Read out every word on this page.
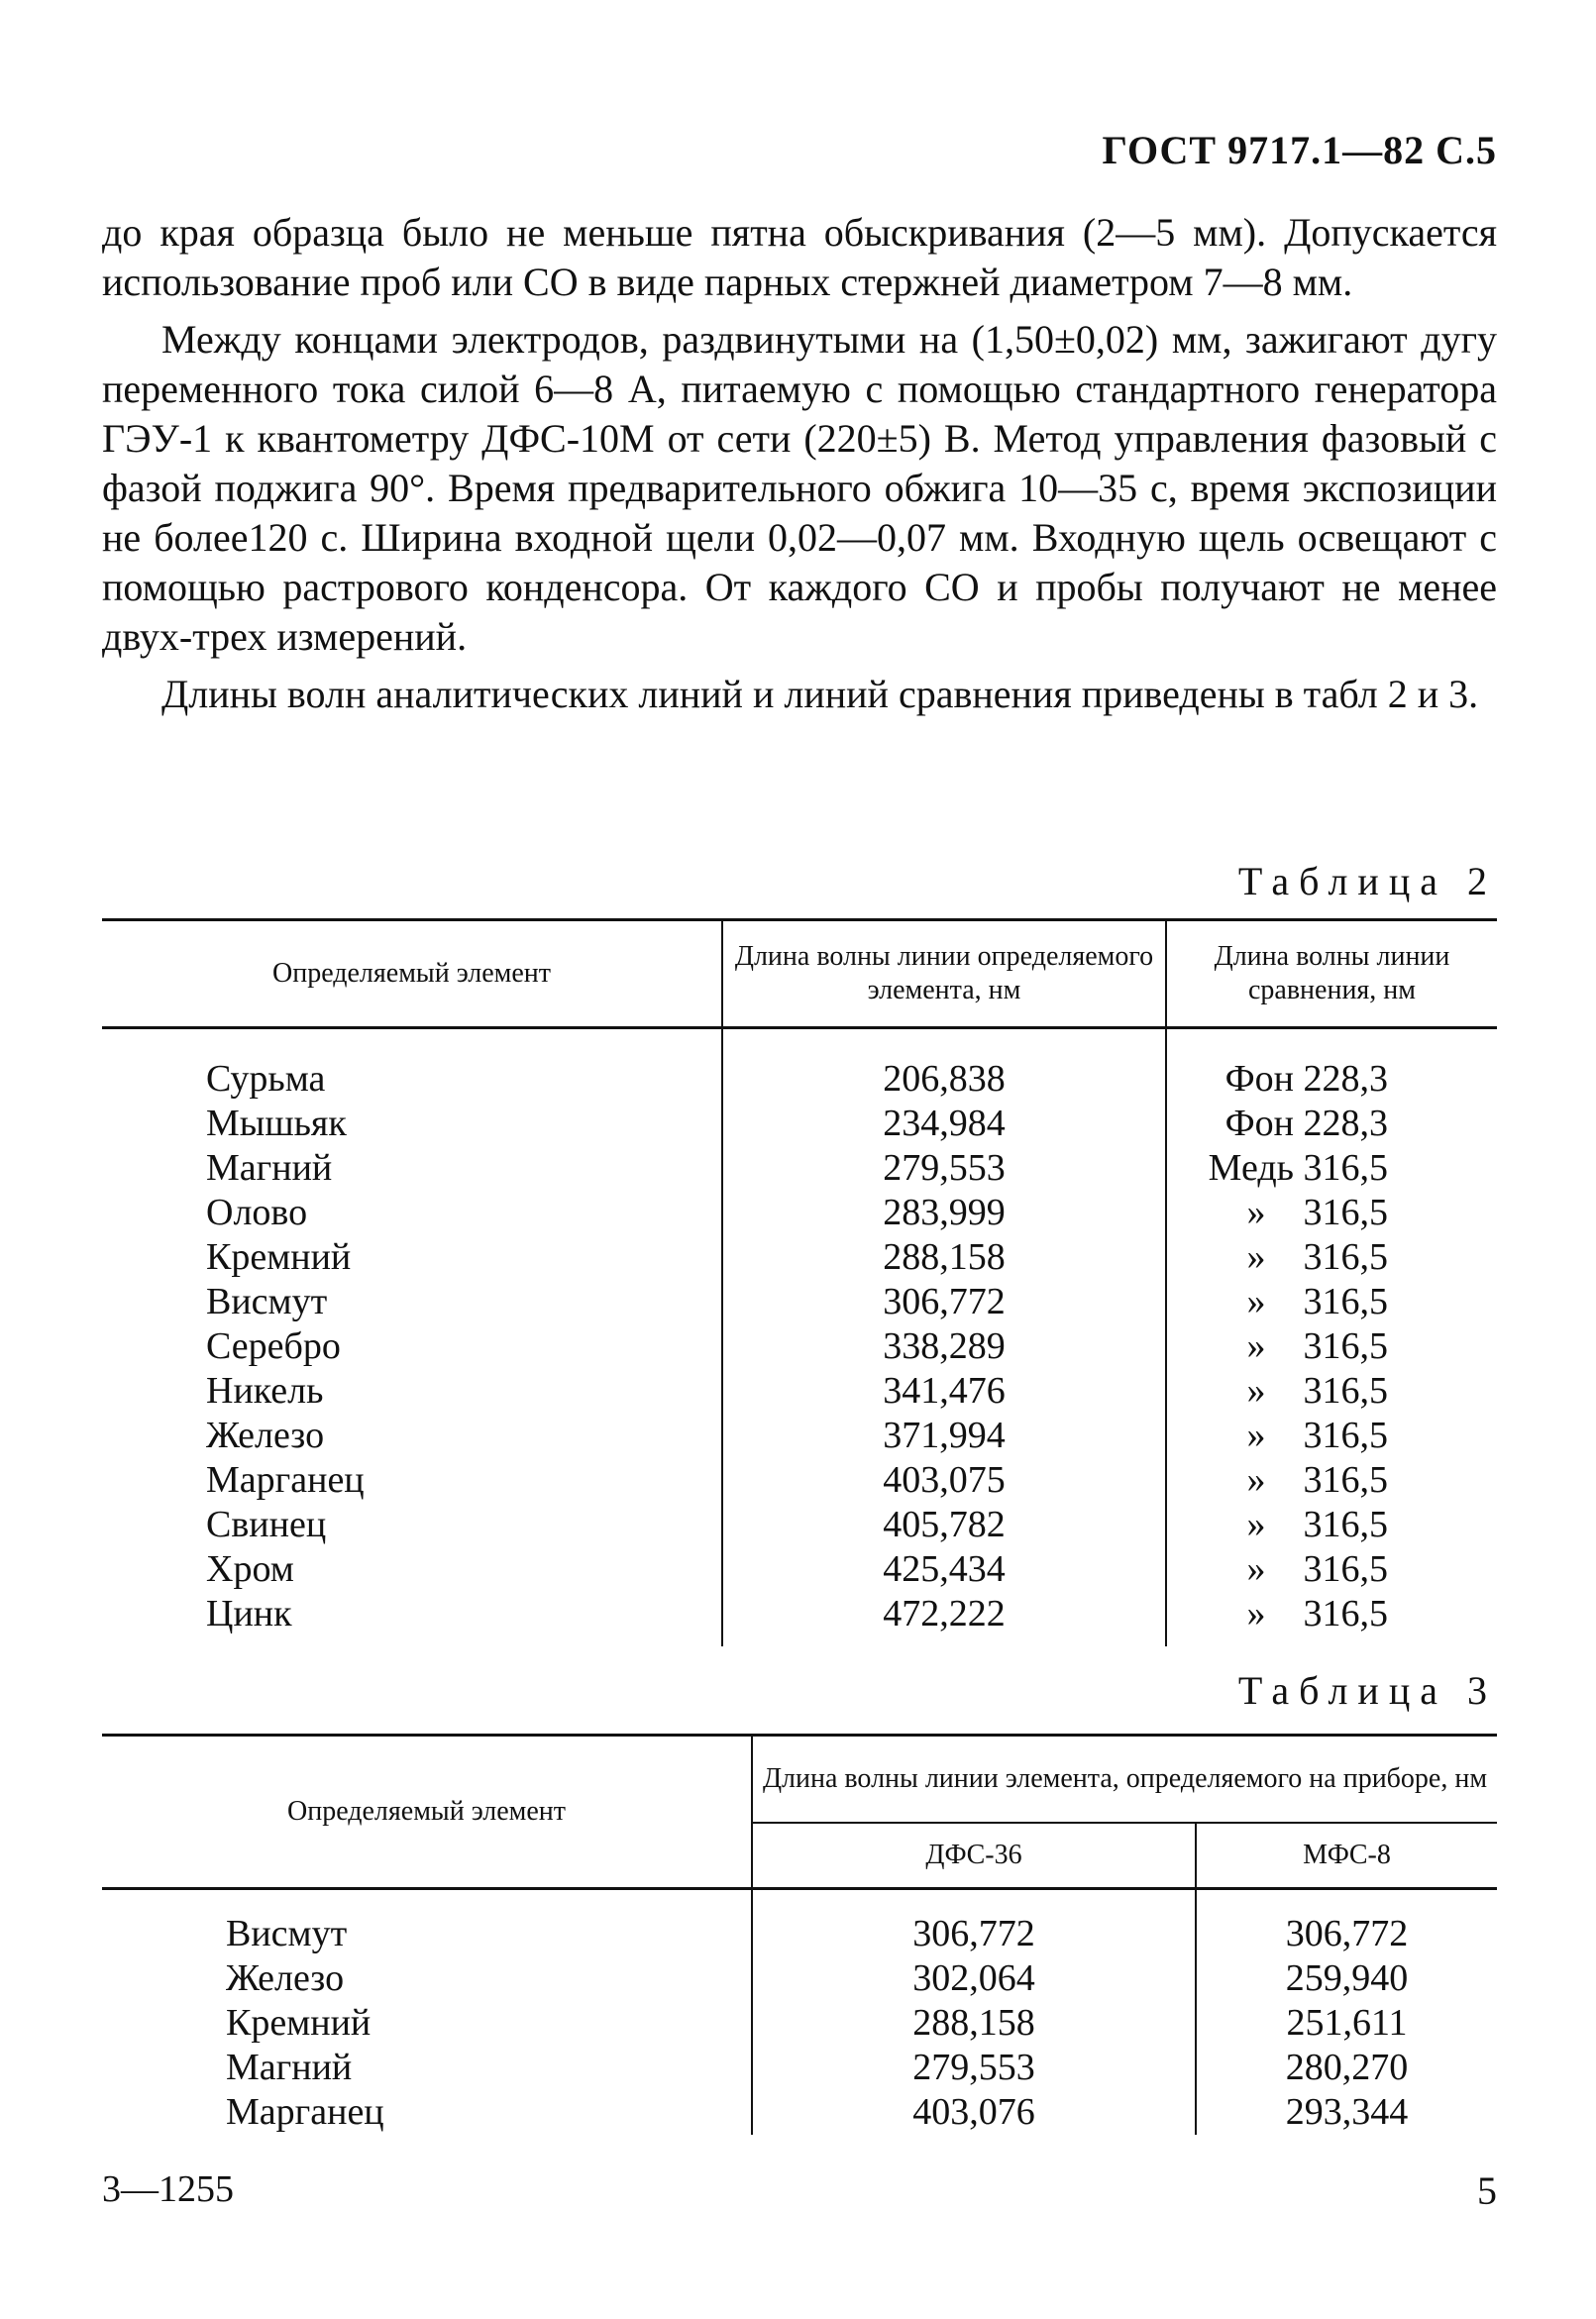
ГОСТ 9717.1—82 С.5

до края образца было не меньше пятна обыскривания (2—5 мм). Допускается использование проб или СО в виде парных стержней диаметром 7—8 мм.

Между концами электродов, раздвинутыми на (1,50±0,02) мм, зажигают дугу переменного тока силой 6—8 А, питаемую с помощью стандартного генератора ГЭУ-1 к квантометру ДФС-10М от сети (220±5) В. Метод управления фазовый с фазой поджига 90°. Время предварительного обжига 10—35 с, время экспозиции не более120 с. Ширина входной щели 0,02—0,07 мм. Входную щель освещают с помощью растрового конденсора. От каждого СО и пробы получают не менее двух-трех измерений.

Длины волн аналитических линий и линий сравнения приведены в табл 2 и 3.

Таблица 2
Определяемый элемент	Длина волны линии определяемого элемента, нм	Длина волны линии сравнения, нм
Сурьма	206,838	Фон 228,3
Мышьяк	234,984	Фон 228,3
Магний	279,553	Медь 316,5
Олово	283,999	»    316,5
Кремний	288,158	»    316,5
Висмут	306,772	»    316,5
Серебро	338,289	»    316,5
Никель	341,476	»    316,5
Железо	371,994	»    316,5
Марганец	403,075	»    316,5
Свинец	405,782	»    316,5
Хром	425,434	»    316,5
Цинк	472,222	»    316,5
Таблица 3
Определяемый элемент	Длина волны линии элемента, определяемого на приборе, нм	
	ДФС-36	МФС-8
Висмут	306,772	306,772
Железо	302,064	259,940
Кремний	288,158	251,611
Магний	279,553	280,270
Марганец	403,076	293,344
3—1255	5
